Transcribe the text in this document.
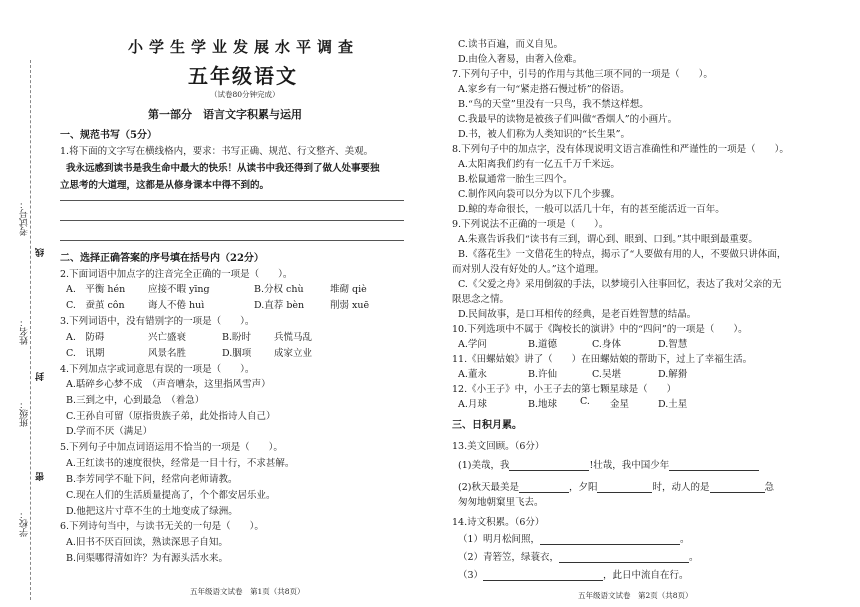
考试号：
线
姓名：
封
班级：
密
学校：
小学生学业发展水平调查
五年级语文
（试卷80分钟完成）
第一部分　语言文字积累与运用
一、规范书写（5分）
1.将下面的文字写在横线格内，要求：书写正确、规范、行文整齐、美观。
我永远感到读书是我生命中最大的快乐！从读书中我还得到了做人处事要独
立思考的大道理，这都是从修身课本中得不到的。
二、选择正确答案的序号填在括号内（22分）
2.下面词语中加点字的注音完全正确的一项是（　　）。
A.　平衡 hén 应接不暇 yīng	B.分权 chù	堆砌 qiè
C.　蚕茧 côn 诲人不倦 huì	D.直荐 bèn	削弱 xuē
3.下列词语中，没有错别字的一项是（　　）。
A.　防碍	兴亡盛衰	B.盼时 兵慌马乱
C.　讯期	风景名胜	D.胭项 成家立业
4.下列加点字或词意思有误的一项是（　　）。
A.聒碎乡心梦不成　（声音嘈杂，这里指风雪声）
B.三到之中，心到最急　（着急）
C.王孙自可留（原指贵族子弟，此处指诗人自己）
D.学而不厌（满足）
5.下列句子中加点词语运用不恰当的一项是（　　）。
A.王红读书的速度很快，经常是一目十行，不求甚解。
B.李芳同学不耻下问，经常向老师请教。
C.现在人们的生活质量提高了，个个都安居乐业。
D.他把这片寸草不生的土地变成了绿洲。
6.下列诗句当中，与读书无关的一句是（　　）。
A.旧书不厌百回读，熟读深思子自知。
B.问渠哪得清如许？为有源头活水来。
五年级语文试卷　第1页（共8页）
C.读书百遍，而义自见。
D.由俭入奢易，由奢入俭难。
7.下列句子中，引号的作用与其他三项不同的一项是（　　）。
A.家乡有一句“紧走搭石慢过桥”的俗语。
B.“鸟的天堂”里没有一只鸟，我不禁这样想。
C.我最早的读物是被孩子们叫做“香烟人”的小画片。
D.书，被人们称为人类知识的“长生果”。
8.下列句子中的加点字，没有体现说明文语言准确性和严谨性的一项是（　　）。
A.太阳离我们约有一亿五千万千米远。
B.松鼠通常一胎生三四个。
C.制作风向袋可以分为以下几个步骤。
D.鲸的寿命很长，一般可以活几十年，有的甚至能活近一百年。
9.下列说法不正确的一项是（　　）。
A.朱熹告诉我们“读书有三到，谓心到、眼到、口到。”其中眼到最重要。
B.《落花生》一文借花生的特点，揭示了“人要做有用的人，不要做只讲体面，
而对别人没有好处的人。”这个道理。
C.《父爱之舟》采用倒叙的手法，以梦境引入往事回忆，表达了我对父亲的无
限思念之情。
D.民间故事，是口耳相传的经典，是老百姓智慧的结晶。
10.下列选项中不属于《陶校长的演讲》中的“四问”的一项是（　　）。
A.学问	B.道德	C.身体	D.智慧
11.《田螺姑娘》讲了（　　）在田螺姑娘的帮助下，过上了幸福生活。
A.董永	B.许仙	C.吴堪	D.解猾
12.《小王子》中，小王子去的第七颗星球是（　　）
A.月球	B.地球 C. 金星	D.土星
三、日积月累。
13.美文回顾。（6分）
(1)美哉，我	!壮哉，我中国少年
(2)秋天最美是	，夕阳	时，动人的是	急
匆匆地朝窠里飞去。
14.诗文积累。（6分）
（1）明月松间照，	。
（2）青箬笠，绿蓑衣，	。
（3）	，此日中流自在行。
五年级语文试卷　第2页（共8页）
